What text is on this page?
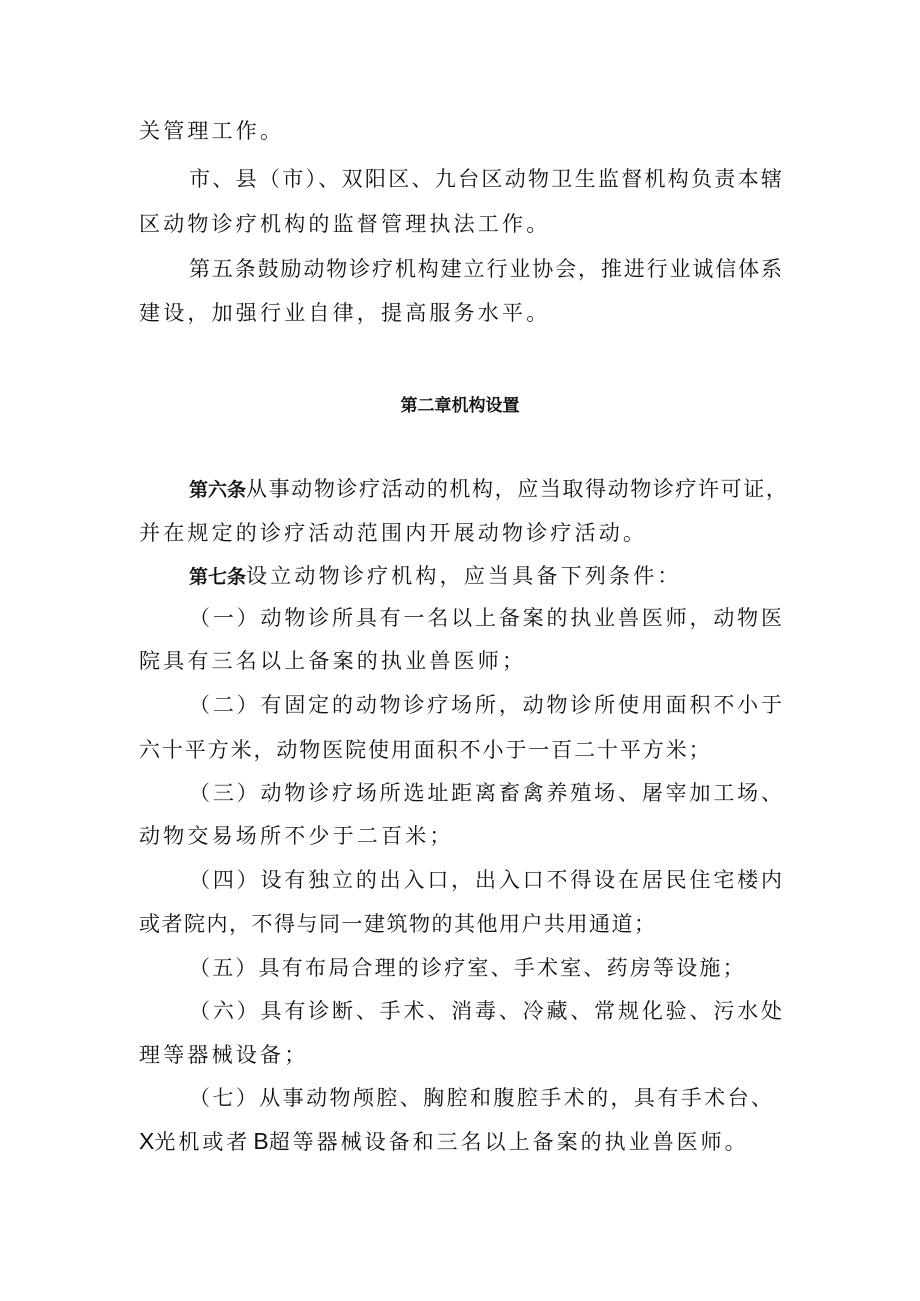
关管理工作。
市、县（市）、双阳区、九台区动物卫生监督机构负责本辖
区动物诊疗机构的监督管理执法工作。
第五条鼓励动物诊疗机构建立行业协会，推进行业诚信体系
建设，加强行业自律，提高服务水平。
第二章机构设置
第六条从事动物诊疗活动的机构，应当取得动物诊疗许可证，
并在规定的诊疗活动范围内开展动物诊疗活动。
第七条设立动物诊疗机构，应当具备下列条件：
（一）动物诊所具有一名以上备案的执业兽医师，动物医
院具有三名以上备案的执业兽医师；
（二）有固定的动物诊疗场所，动物诊所使用面积不小于
六十平方米，动物医院使用面积不小于一百二十平方米；
（三）动物诊疗场所选址距离畜禽养殖场、屠宰加工场、
动物交易场所不少于二百米；
（四）设有独立的出入口，出入口不得设在居民住宅楼内
或者院内，不得与同一建筑物的其他用户共用通道；
（五）具有布局合理的诊疗室、手术室、药房等设施；
（六）具有诊断、手术、消毒、冷藏、常规化验、污水处
理等器械设备；
（七）从事动物颅腔、胸腔和腹腔手术的，具有手术台、
X光机或者 B超等器械设备和三名以上备案的执业兽医师。
